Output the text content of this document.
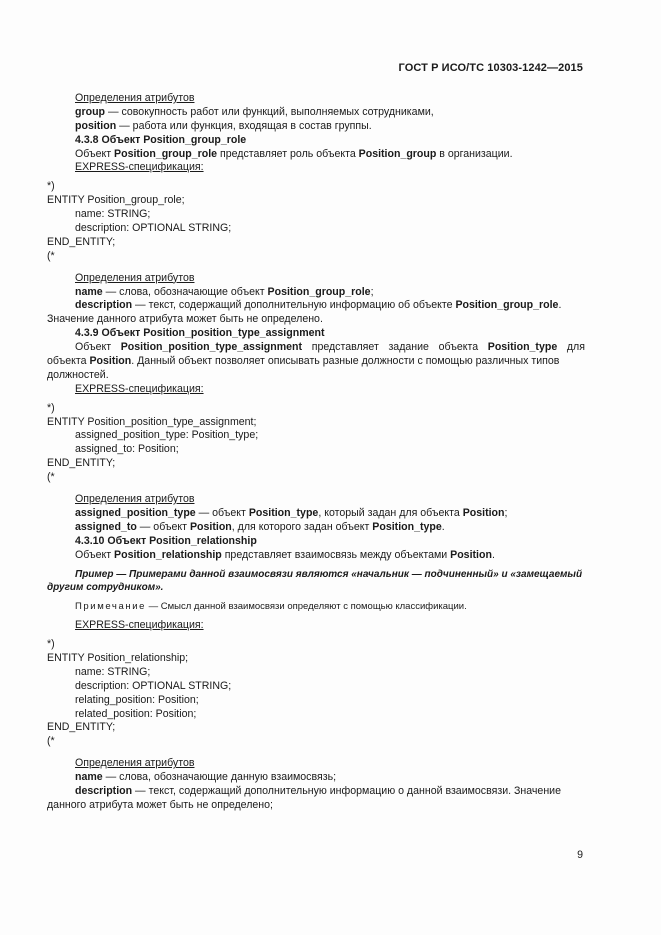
ГОСТ Р ИСО/ТС 10303-1242—2015
Определения атрибутов
group — совокупность работ или функций, выполняемых сотрудниками,
position — работа или функция, входящая в состав группы.
4.3.8 Объект Position_group_role
Объект Position_group_role представляет роль объекта Position_group в организации.
EXPRESS-спецификация:
*)
ENTITY Position_group_role;
name: STRING;
description: OPTIONAL STRING;
END_ENTITY;
(*
Определения атрибутов
name — слова, обозначающие объект Position_group_role;
description — текст, содержащий дополнительную информацию об объекте Position_group_role.
Значение данного атрибута может быть не определено.
4.3.9 Объект Position_position_type_assignment
Объект Position_position_type_assignment представляет задание объекта Position_type для
объекта Position. Данный объект позволяет описывать разные должности с помощью различных типов
должностей.
EXPRESS-спецификация:
*)
ENTITY Position_position_type_assignment;
assigned_position_type: Position_type;
assigned_to: Position;
END_ENTITY;
(*
Определения атрибутов
assigned_position_type — объект Position_type, который задан для объекта Position;
assigned_to — объект Position, для которого задан объект Position_type.
4.3.10 Объект Position_relationship
Объект Position_relationship представляет взаимосвязь между объектами Position.
Пример — Примерами данной взаимосвязи являются «начальник — подчиненный» и «замещаемый
другим сотрудником».
Примечание — Смысл данной взаимосвязи определяют с помощью классификации.
EXPRESS-спецификация:
*)
ENTITY Position_relationship;
name: STRING;
description: OPTIONAL STRING;
relating_position: Position;
related_position: Position;
END_ENTITY;
(*
Определения атрибутов
name — слова, обозначающие данную взаимосвязь;
description — текст, содержащий дополнительную информацию о данной взаимосвязи. Значение
данного атрибута может быть не определено;
9
